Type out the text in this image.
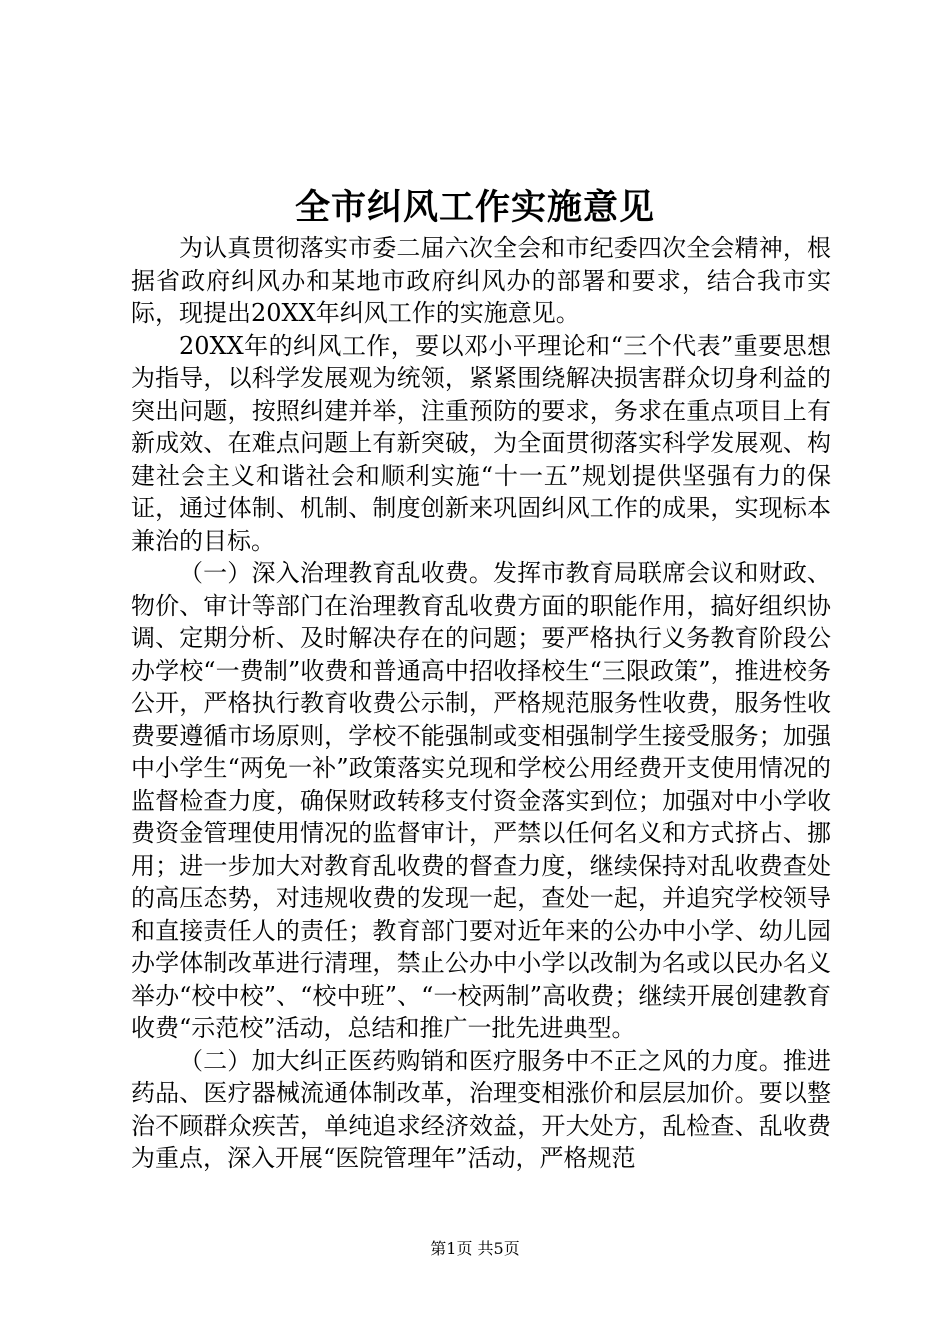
全市纠风工作实施意见

为认真贯彻落实市委二届六次全会和市纪委四次全会精神，根据省政府纠风办和某地市政府纠风办的部署和要求，结合我市实际，现提出20XX年纠风工作的实施意见。

20XX年的纠风工作，要以邓小平理论和“三个代表”重要思想为指导，以科学发展观为统领，紧紧围绕解决损害群众切身利益的突出问题，按照纠建并举，注重预防的要求，务求在重点项目上有新成效、在难点问题上有新突破，为全面贯彻落实科学发展观、构建社会主义和谐社会和顺利实施“十一五”规划提供坚强有力的保证，通过体制、机制、制度创新来巩固纠风工作的成果，实现标本兼治的目标。

（一）深入治理教育乱收费。发挥市教育局联席会议和财政、物价、审计等部门在治理教育乱收费方面的职能作用，搞好组织协调、定期分析、及时解决存在的问题；要严格执行义务教育阶段公办学校“一费制”收费和普通高中招收择校生“三限政策”，推进校务公开，严格执行教育收费公示制，严格规范服务性收费，服务性收费要遵循市场原则，学校不能强制或变相强制学生接受服务；加强中小学生“两免一补”政策落实兑现和学校公用经费开支使用情况的监督检查力度，确保财政转移支付资金落实到位；加强对中小学收费资金管理使用情况的监督审计，严禁以任何名义和方式挤占、挪用；进一步加大对教育乱收费的督查力度，继续保持对乱收费查处的高压态势，对违规收费的发现一起，查处一起，并追究学校领导和直接责任人的责任；教育部门要对近年来的公办中小学、幼儿园办学体制改革进行清理，禁止公办中小学以改制为名或以民办名义举办“校中校”、“校中班”、“一校两制”高收费；继续开展创建教育收费“示范校”活动，总结和推广一批先进典型。

（二）加大纠正医药购销和医疗服务中不正之风的力度。推进药品、医疗器械流通体制改革，治理变相涨价和层层加价。要以整治不顾群众疾苦，单纯追求经济效益，开大处方，乱检查、乱收费为重点，深入开展“医院管理年”活动，严格规范

第1页 共5页
